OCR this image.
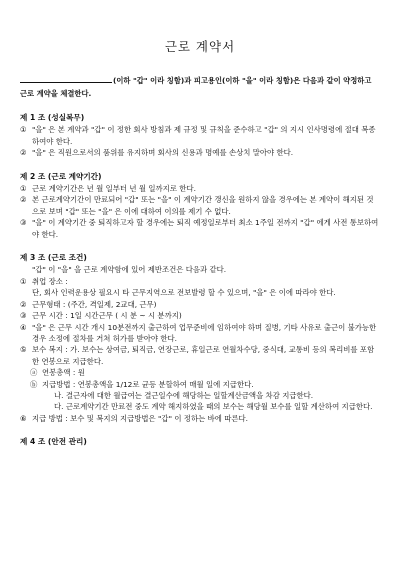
근로 계약서
(이하 "갑" 이라 칭함)과 피고용인(이하 "을" 이라 칭함)은 다음과 같이 약정하고 근로 계약을 체결한다.
제 1 조 (성실복무)
① "을" 은 본 계약과 "갑" 이 정한 회사 방침과 제 규정 및 규칙을 준수하고 "갑" 의 지시 인사명령에 절대 복종하여야 한다.
② "을" 은 직원으로서의 품위를 유지하며 회사의 신용과 명예를 손상치 말아야 한다.
제 2 조 (근로 계약기간)
① 근로 계약기간은 년 월 일부터 년 월 일까지로 한다.
② 본 근로계약기간이 만료되어 "갑" 또는 "을" 이 계약기간 갱신을 원하지 않을 경우에는 본 계약이 해지된 것으로 보며 "갑" 또는 "을" 은 이에 대하여 이의를 제기 수 없다.
③ "을" 이 계약기간 중 퇴직하고자 할 경우에는 퇴직 예정일로부터 최소 1주일 전까지 "갑" 에게 사전 통보하여야 한다.
제 3 조 (근로 조건)
"갑" 이 "을" 을 근로 계약함에 있어 제반조건은 다음과 같다.
① 취업 장소 :
단, 회사 인력운용상 필요시 타 근무지역으로 전보발령 할 수 있으며, "을" 은 이에 따라야 한다.
② 근무형태 : (주간, 격일제, 2교대, 근무)
③ 근무 시간 : 1일 시간근무 ( 시 분 ~ 시 분까지)
④ "을" 은 근무 시간 개시 10분전까지 출근하여 업무준비에 임하여야 하며 질병, 기타 사유로 출근이 불가능한 경우 소정에 절차를 거쳐 허가를 받아야 한다.
⑤ 보수 복지 : 가. 보수는 상여금, 퇴직금, 연장근로, 휴일근로 연월차수당, 중식대, 교통비 등의 복리비를 포함한 연봉으로 지급한다.
ⓐ 연봉총액 : 원
ⓑ 지급방법 : 연봉총액을 1/12로 균등 분할하여 매월 일에 지급한다.
나. 결근자에 대한 월급여는 결근일수에 해당하는 일할계산금액을 차감 지급한다.
다. 근로계약기간 만료전 중도 계약 해지하였을 때의 보수는 해당월 보수를 일할 계산하여 지급한다.
⑥ 지급 방법 : 보수 및 복지의 지급방법은 "갑" 이 정하는 바에 따른다.
제 4 조 (안전 관리)
